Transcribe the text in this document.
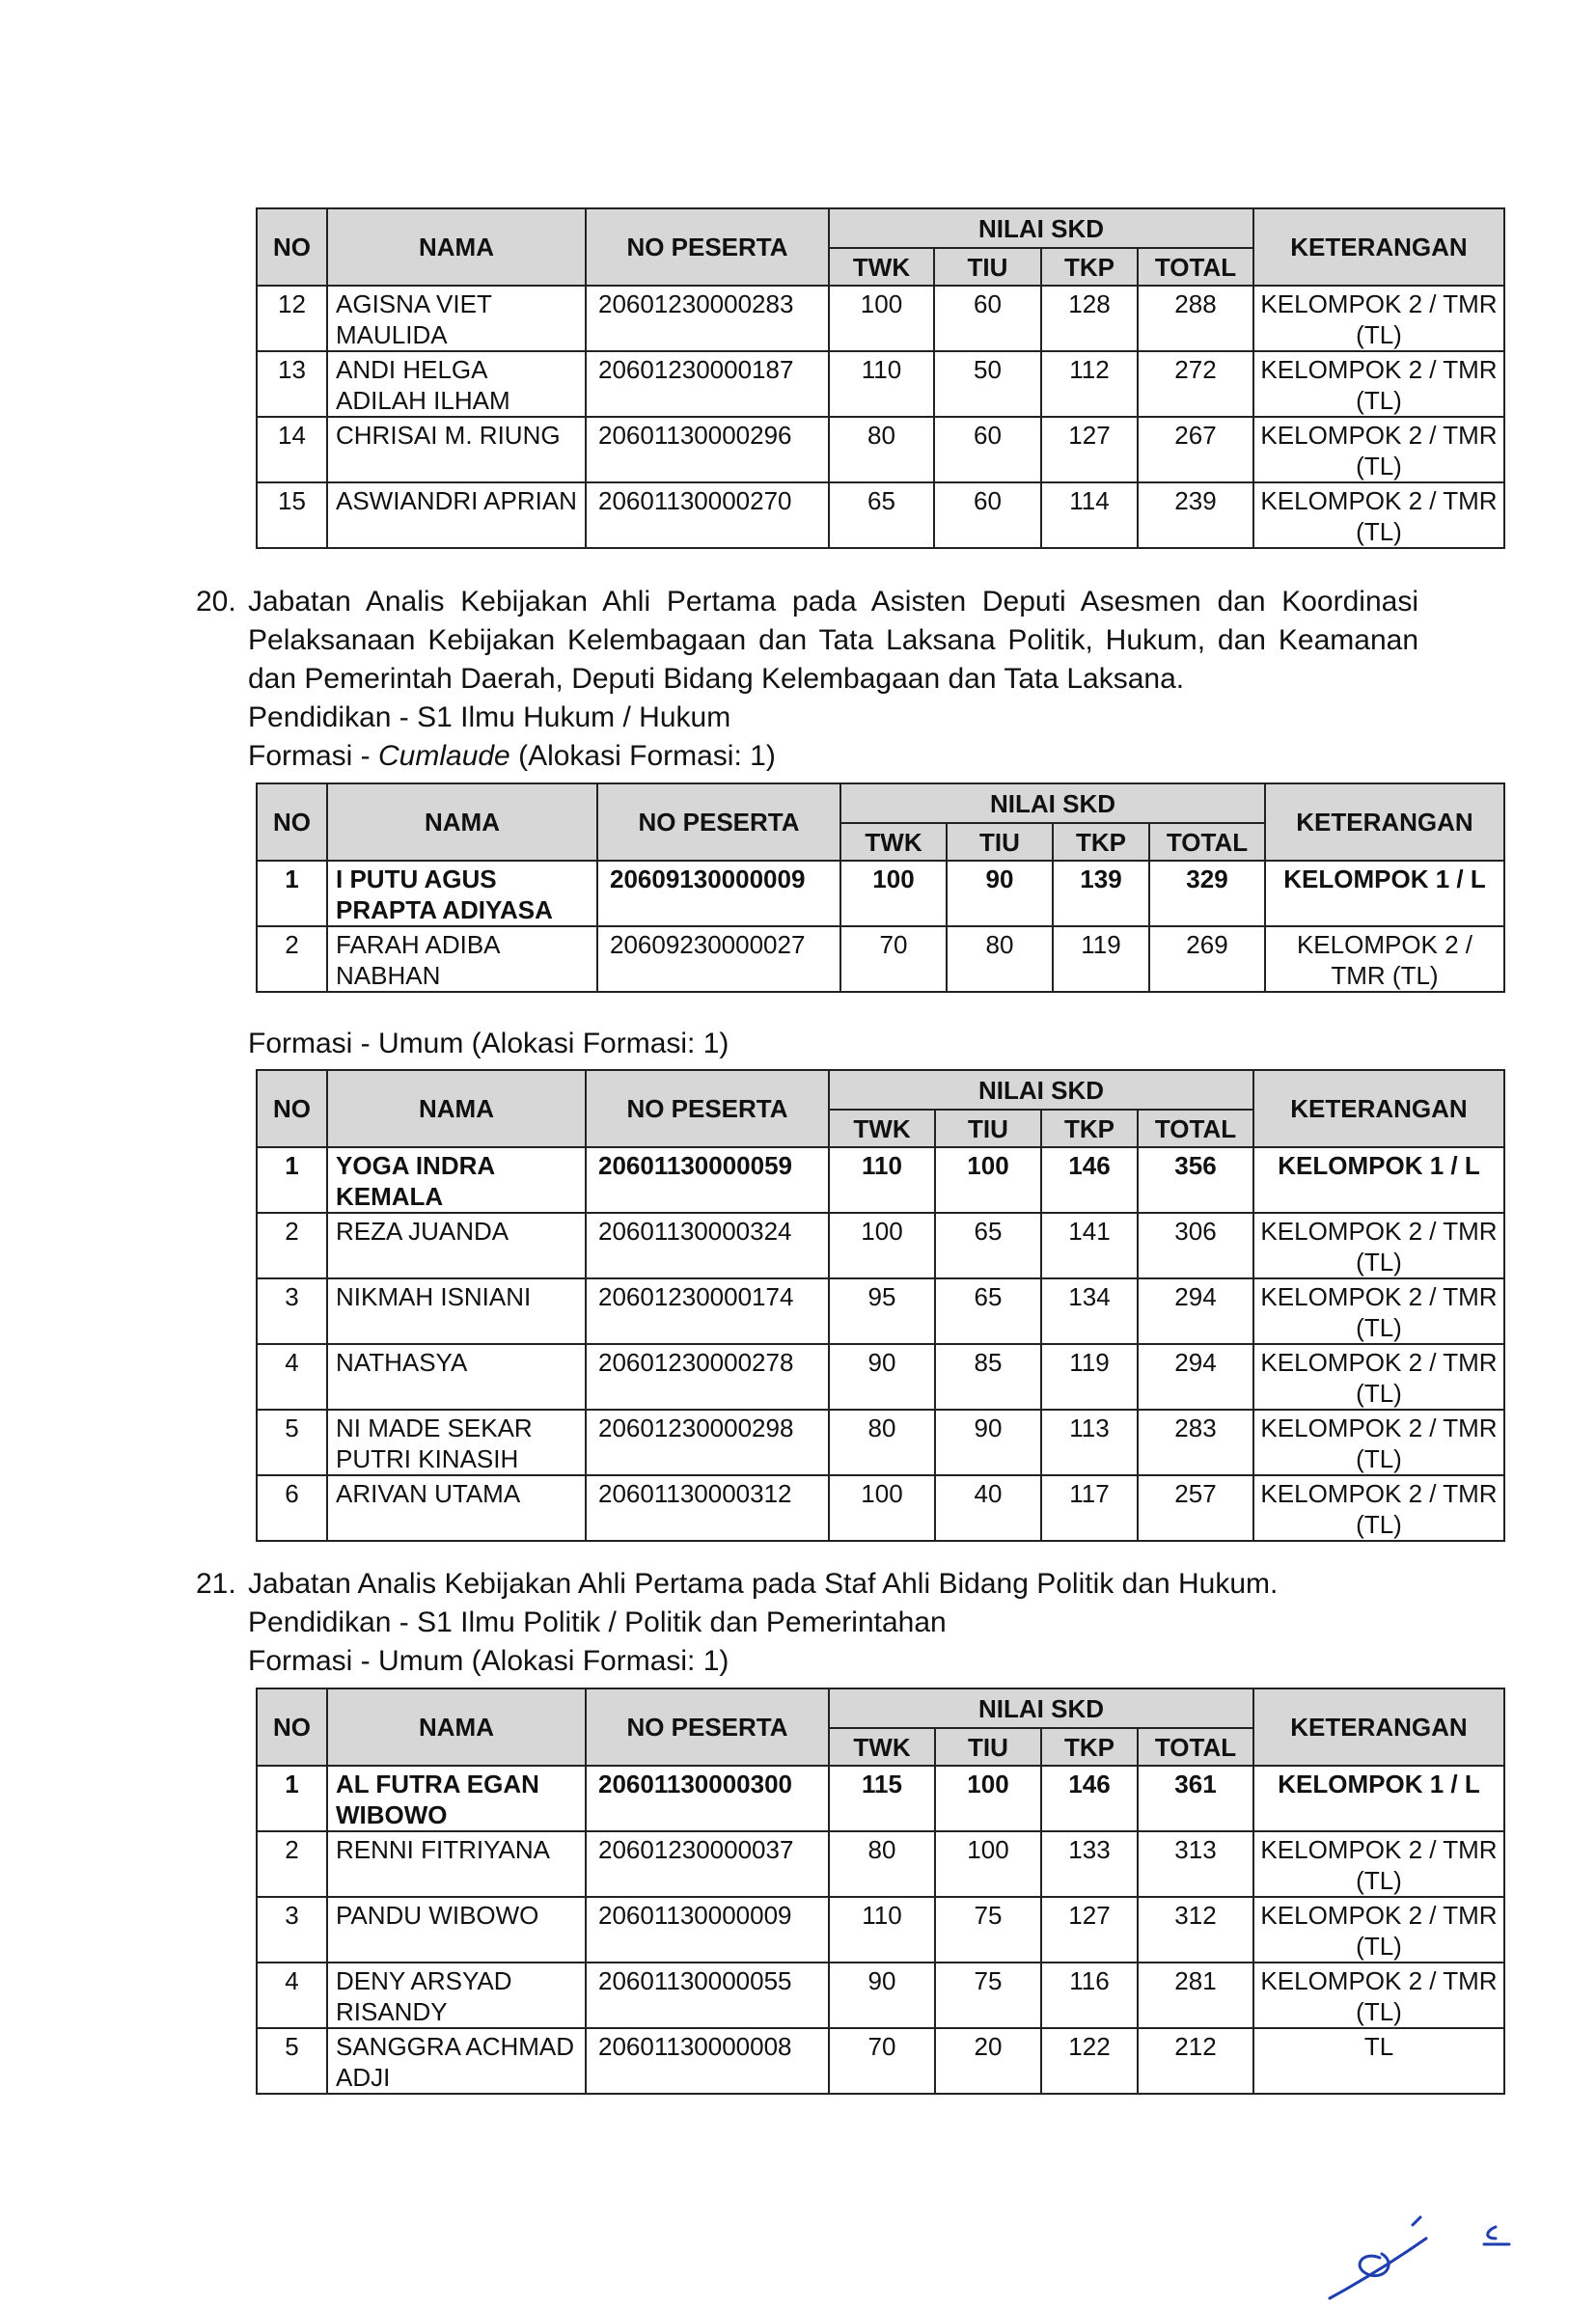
NO	NAMA	NO PESERTA	NILAI SKD				KETERANGAN
			TWK	TIU	TKP	TOTAL	
12	AGISNA VIET MAULIDA	20601230000283	100	60	128	288	KELOMPOK 2 / TMR (TL)
13	ANDI HELGA ADILAH ILHAM	20601230000187	110	50	112	272	KELOMPOK 2 / TMR (TL)
14	CHRISAI M. RIUNG	20601130000296	80	60	127	267	KELOMPOK 2 / TMR (TL)
15	ASWIANDRI APRIAN	20601130000270	65	60	114	239	KELOMPOK 2 / TMR (TL)
20. Jabatan Analis Kebijakan Ahli Pertama pada Asisten Deputi Asesmen dan Koordinasi
Pelaksanaan Kebijakan Kelembagaan dan Tata Laksana Politik, Hukum, dan Keamanan
dan Pemerintah Daerah, Deputi Bidang Kelembagaan dan Tata Laksana.
Pendidikan - S1 Ilmu Hukum / Hukum
Formasi - Cumlaude (Alokasi Formasi: 1)
NO	NAMA	NO PESERTA	NILAI SKD				KETERANGAN
			TWK	TIU	TKP	TOTAL	
1	I PUTU AGUS PRAPTA ADIYASA	20609130000009	100	90	139	329	KELOMPOK 1 / L
2	FARAH ADIBA NABHAN	20609230000027	70	80	119	269	KELOMPOK 2 / TMR (TL)
Formasi - Umum (Alokasi Formasi: 1)
NO	NAMA	NO PESERTA	NILAI SKD				KETERANGAN
			TWK	TIU	TKP	TOTAL	
1	YOGA INDRA KEMALA	20601130000059	110	100	146	356	KELOMPOK 1 / L
2	REZA JUANDA	20601130000324	100	65	141	306	KELOMPOK 2 / TMR (TL)
3	NIKMAH ISNIANI	20601230000174	95	65	134	294	KELOMPOK 2 / TMR (TL)
4	NATHASYA	20601230000278	90	85	119	294	KELOMPOK 2 / TMR (TL)
5	NI MADE SEKAR PUTRI KINASIH	20601230000298	80	90	113	283	KELOMPOK 2 / TMR (TL)
6	ARIVAN UTAMA	20601130000312	100	40	117	257	KELOMPOK 2 / TMR (TL)
21. Jabatan Analis Kebijakan Ahli Pertama pada Staf Ahli Bidang Politik dan Hukum.
Pendidikan - S1 Ilmu Politik / Politik dan Pemerintahan
Formasi - Umum (Alokasi Formasi: 1)
NO	NAMA	NO PESERTA	NILAI SKD				KETERANGAN
			TWK	TIU	TKP	TOTAL	
1	AL FUTRA EGAN WIBOWO	20601130000300	115	100	146	361	KELOMPOK 1 / L
2	RENNI FITRIYANA	20601230000037	80	100	133	313	KELOMPOK 2 / TMR (TL)
3	PANDU WIBOWO	20601130000009	110	75	127	312	KELOMPOK 2 / TMR (TL)
4	DENY ARSYAD RISANDY	20601130000055	90	75	116	281	KELOMPOK 2 / TMR (TL)
5	SANGGRA ACHMAD ADJI	20601130000008	70	20	122	212	TL
